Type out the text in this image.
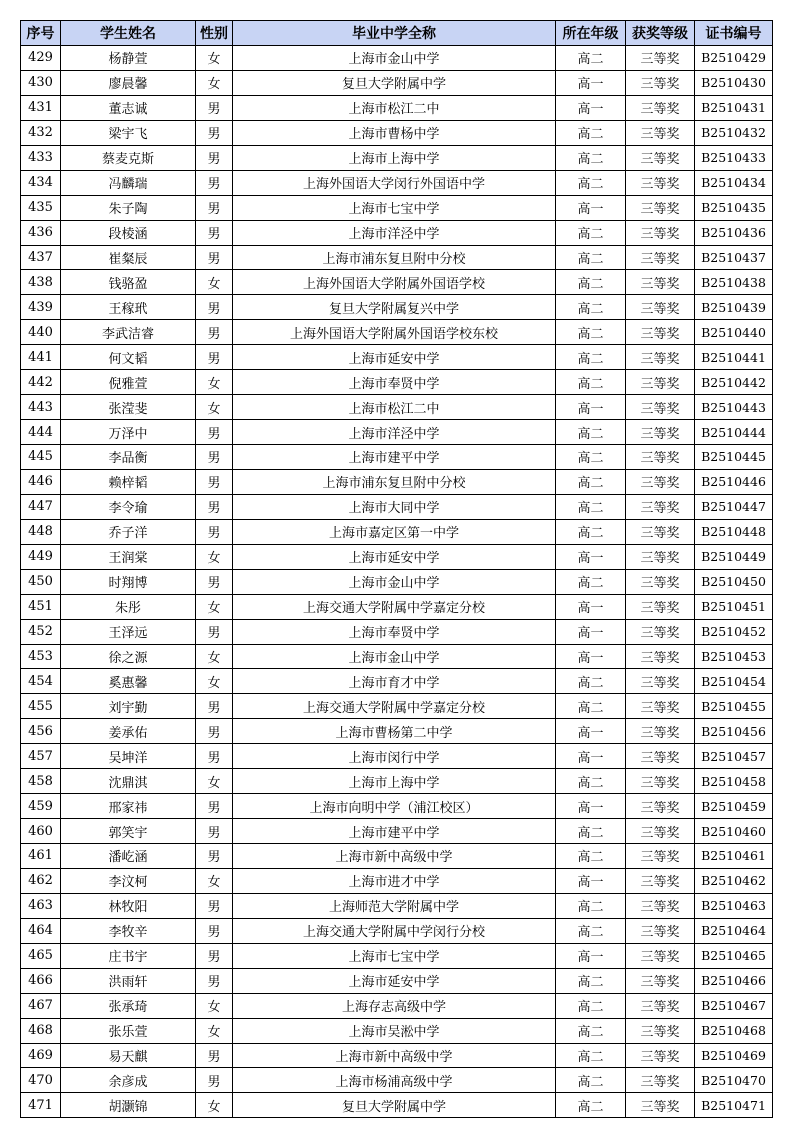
序号	学生姓名	性别	毕业中学全称	所在年级	获奖等级	证书编号
429	杨静萱	女	上海市金山中学	高二	三等奖	B2510429
430	廖晨馨	女	复旦大学附属中学	高一	三等奖	B2510430
431	董志诚	男	上海市松江二中	高一	三等奖	B2510431
432	梁宇飞	男	上海市曹杨中学	高二	三等奖	B2510432
433	蔡麦克斯	男	上海市上海中学	高二	三等奖	B2510433
434	冯麟瑞	男	上海外国语大学闵行外国语中学	高二	三等奖	B2510434
435	朱子陶	男	上海市七宝中学	高一	三等奖	B2510435
436	段棱涵	男	上海市洋泾中学	高二	三等奖	B2510436
437	崔粲辰	男	上海市浦东复旦附中分校	高二	三等奖	B2510437
438	钱骆盈	女	上海外国语大学附属外国语学校	高二	三等奖	B2510438
439	王稼玳	男	复旦大学附属复兴中学	高二	三等奖	B2510439
440	李武洁睿	男	上海外国语大学附属外国语学校东校	高二	三等奖	B2510440
441	何文韬	男	上海市延安中学	高二	三等奖	B2510441
442	倪雅萱	女	上海市奉贤中学	高二	三等奖	B2510442
443	张滢斐	女	上海市松江二中	高一	三等奖	B2510443
444	万泽中	男	上海市洋泾中学	高二	三等奖	B2510444
445	李品衡	男	上海市建平中学	高二	三等奖	B2510445
446	赖梓韬	男	上海市浦东复旦附中分校	高二	三等奖	B2510446
447	李令瑜	男	上海市大同中学	高二	三等奖	B2510447
448	乔子洋	男	上海市嘉定区第一中学	高二	三等奖	B2510448
449	王润棠	女	上海市延安中学	高一	三等奖	B2510449
450	时翔博	男	上海市金山中学	高二	三等奖	B2510450
451	朱彤	女	上海交通大学附属中学嘉定分校	高一	三等奖	B2510451
452	王泽远	男	上海市奉贤中学	高一	三等奖	B2510452
453	徐之源	女	上海市金山中学	高一	三等奖	B2510453
454	奚惠馨	女	上海市育才中学	高二	三等奖	B2510454
455	刘宇勤	男	上海交通大学附属中学嘉定分校	高二	三等奖	B2510455
456	姜承佑	男	上海市曹杨第二中学	高一	三等奖	B2510456
457	吴坤洋	男	上海市闵行中学	高一	三等奖	B2510457
458	沈鼎淇	女	上海市上海中学	高二	三等奖	B2510458
459	邢家祎	男	上海市向明中学（浦江校区）	高一	三等奖	B2510459
460	郭笑宇	男	上海市建平中学	高二	三等奖	B2510460
461	潘屹涵	男	上海市新中高级中学	高二	三等奖	B2510461
462	李汶柯	女	上海市进才中学	高一	三等奖	B2510462
463	林牧阳	男	上海师范大学附属中学	高二	三等奖	B2510463
464	李牧辛	男	上海交通大学附属中学闵行分校	高二	三等奖	B2510464
465	庄书宇	男	上海市七宝中学	高一	三等奖	B2510465
466	洪雨轩	男	上海市延安中学	高二	三等奖	B2510466
467	张承琦	女	上海存志高级中学	高二	三等奖	B2510467
468	张乐萱	女	上海市吴淞中学	高二	三等奖	B2510468
469	易天麒	男	上海市新中高级中学	高二	三等奖	B2510469
470	余彦成	男	上海市杨浦高级中学	高二	三等奖	B2510470
471	胡灏锦	女	复旦大学附属中学	高二	三等奖	B2510471
